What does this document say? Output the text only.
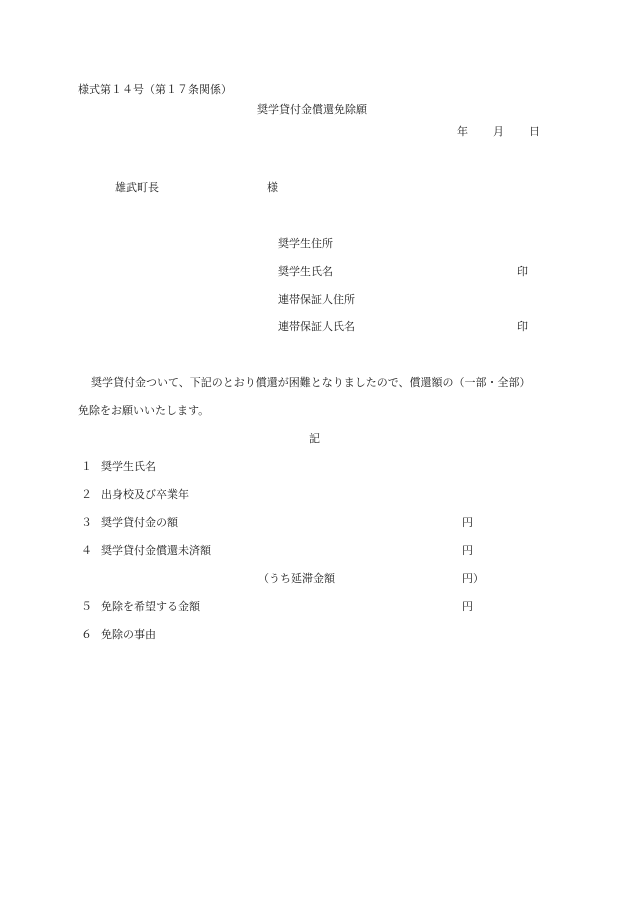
様式第１４号（第１７条関係）
奨学貸付金償還免除願
年 月 日
雄武町長	様
奨学生住所
奨学生氏名	印
連帯保証人住所
連帯保証人氏名	印
奨学貸付金ついて、下記のとおり償還が困難となりましたので、償還額の（一部・全部）
免除をお願いいたします。
記
１ 奨学生氏名
２ 出身校及び卒業年
３ 奨学貸付金の額	円
４ 奨学貸付金償還未済額	円
（うち延滞金額	円）
５ 免除を希望する金額	円
６ 免除の事由
